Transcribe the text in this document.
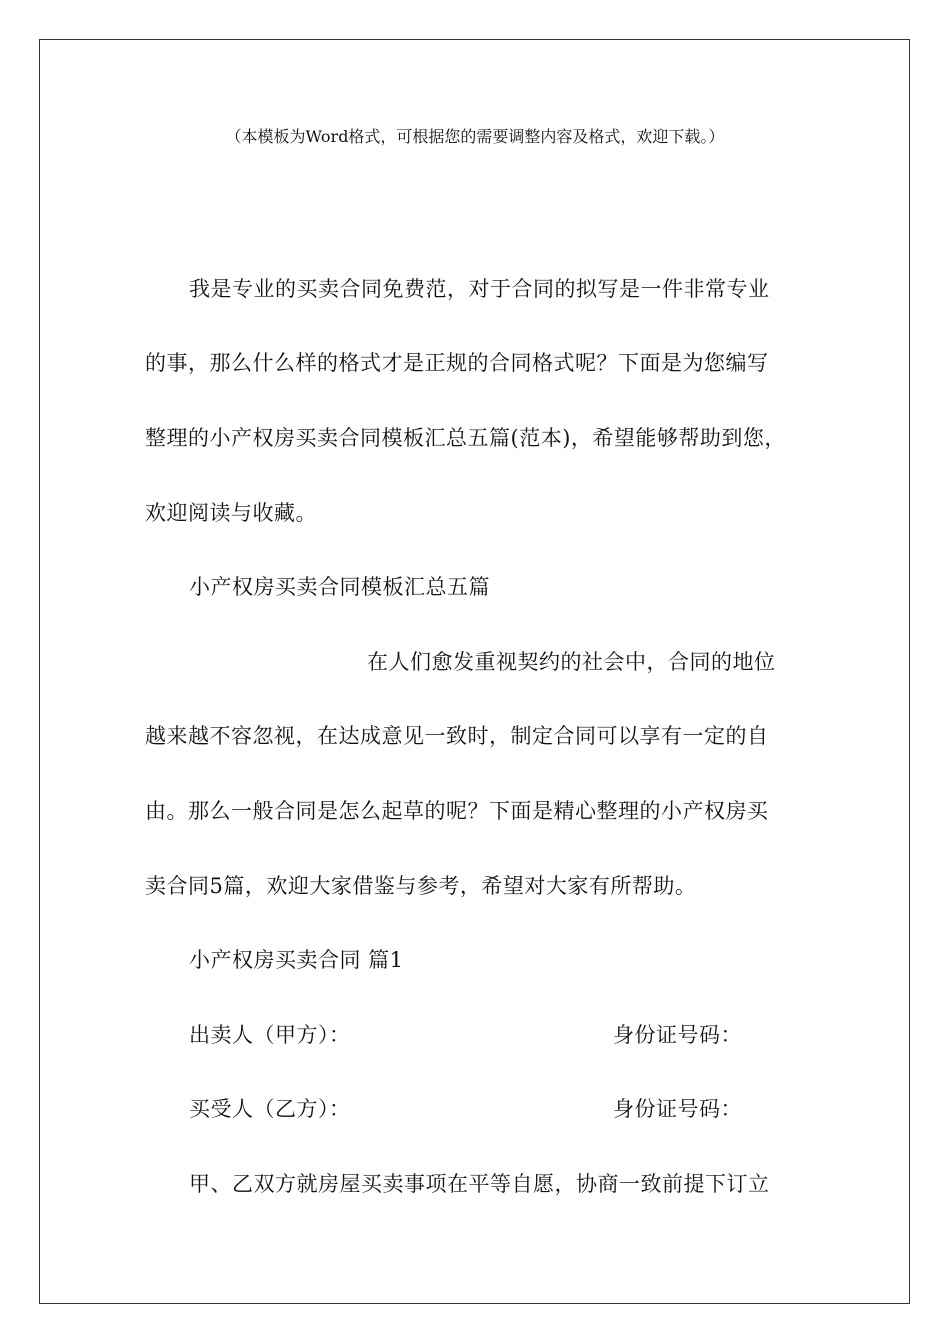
（本模板为Word格式，可根据您的需要调整内容及格式，欢迎下载。）
我是专业的买卖合同免费范，对于合同的拟写是一件非常专业
的事，那么什么样的格式才是正规的合同格式呢？下面是为您编写
整理的小产权房买卖合同模板汇总五篇(范本)，希望能够帮助到您，
欢迎阅读与收藏。
小产权房买卖合同模板汇总五篇
在人们愈发重视契约的社会中，合同的地位
越来越不容忽视，在达成意见一致时，制定合同可以享有一定的自
由。那么一般合同是怎么起草的呢？下面是精心整理的小产权房买
卖合同5篇，欢迎大家借鉴与参考，希望对大家有所帮助。
小产权房买卖合同 篇1
出卖人（甲方）：	身份证号码：
买受人（乙方）：	身份证号码：
甲、乙双方就房屋买卖事项在平等自愿，协商一致前提下订立
